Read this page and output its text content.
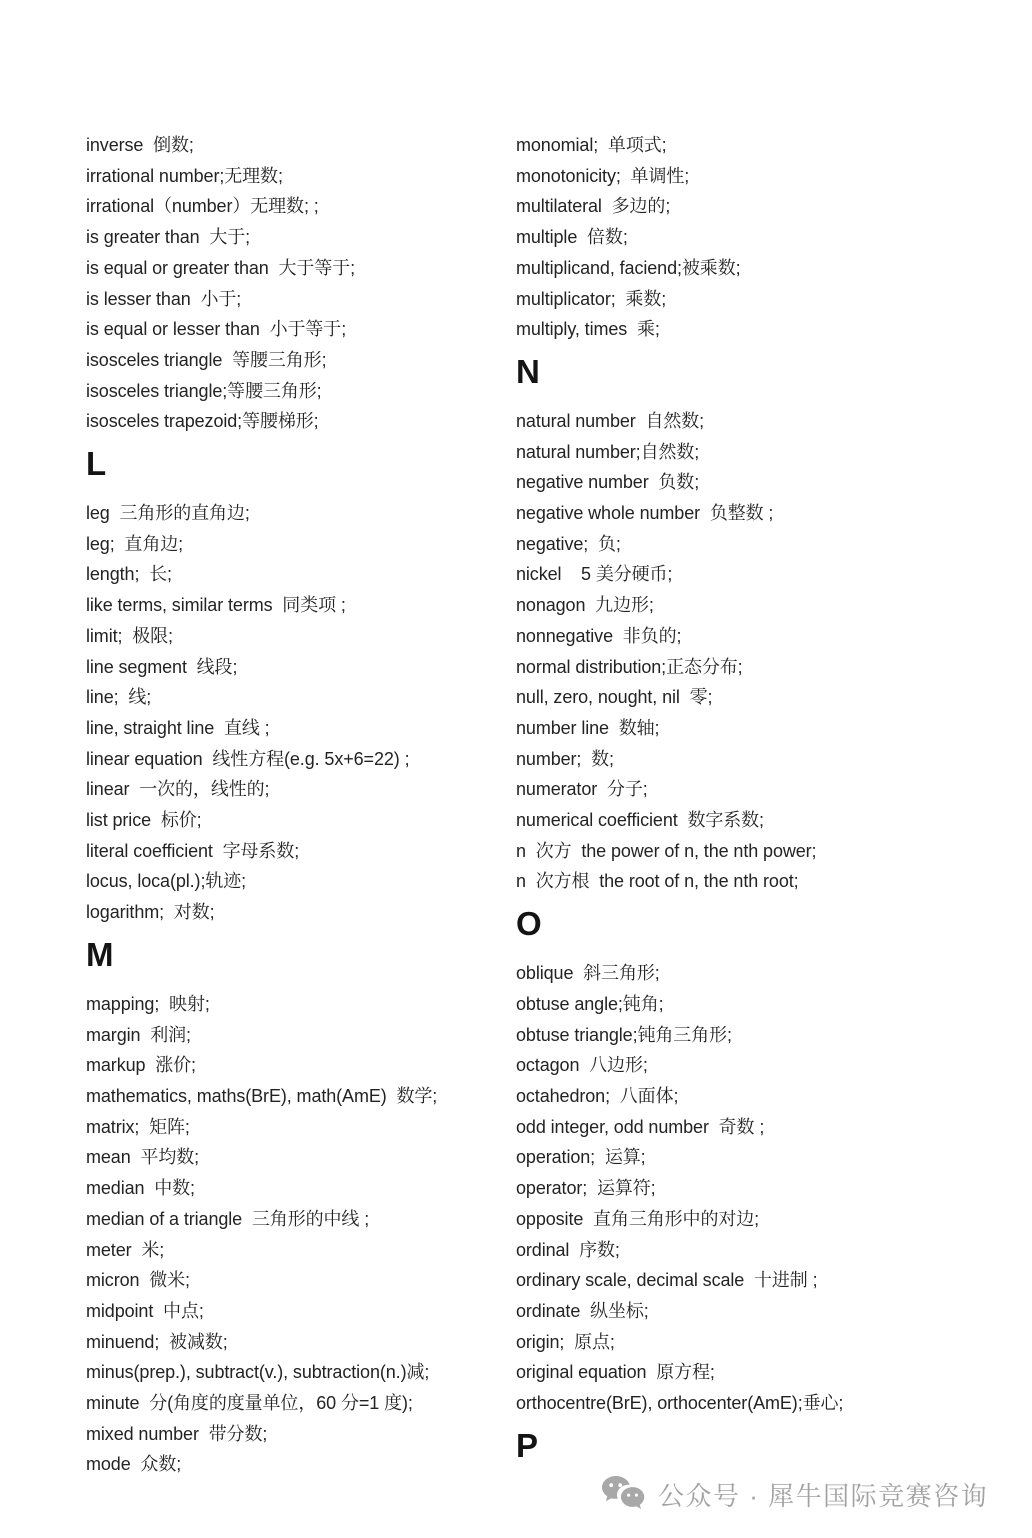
inverse  倒数;
irrational number;无理数;
irrational（number）无理数; ;
is greater than  大于;
is equal or greater than  大于等于;
is lesser than  小于;
is equal or lesser than  小于等于;
isosceles triangle  等腰三角形;
isosceles triangle;等腰三角形;
isosceles trapezoid;等腰梯形;
L
leg  三角形的直角边;
leg;  直角边;
length;  长;
like terms, similar terms  同类项 ;
limit;  极限;
line segment  线段;
line;  线;
line, straight line  直线 ;
linear equation  线性方程(e.g. 5x+6=22) ;
linear  一次的，线性的;
list price  标价;
literal coefficient  字母系数;
locus, loca(pl.);轨迹;
logarithm;  对数;
M
mapping;  映射;
margin  利润;
markup  涨价;
mathematics, maths(BrE), math(AmE)  数学;
matrix;  矩阵;
mean  平均数;
median  中数;
median of a triangle  三角形的中线 ;
meter  米;
micron  微米;
midpoint  中点;
minuend;  被减数;
minus(prep.), subtract(v.), subtraction(n.)减;
minute  分(角度的度量单位，60 分=1 度);
mixed number  带分数;
mode  众数;
monomial;  单项式;
monotonicity;  单调性;
multilateral  多边的;
multiple  倍数;
multiplicand, faciend;被乘数;
multiplicator;  乘数;
multiply, times  乘;
N
natural number  自然数;
natural number;自然数;
negative number  负数;
negative whole number  负整数 ;
negative;  负;
nickel    5 美分硬币;
nonagon  九边形;
nonnegative  非负的;
normal distribution;正态分布;
null, zero, nought, nil  零;
number line  数轴;
number;  数;
numerator  分子;
numerical coefficient  数字系数;
n  次方  the power of n, the nth power;
n  次方根  the root of n, the nth root;
O
oblique  斜三角形;
obtuse angle;钝角;
obtuse triangle;钝角三角形;
octagon  八边形;
octahedron;  八面体;
odd integer, odd number  奇数 ;
operation;  运算;
operator;  运算符;
opposite  直角三角形中的对边;
ordinal  序数;
ordinary scale, decimal scale  十进制 ;
ordinate  纵坐标;
origin;  原点;
original equation  原方程;
orthocentre(BrE), orthocenter(AmE);垂心;
P
公众号 · 犀牛国际竞赛咨询
